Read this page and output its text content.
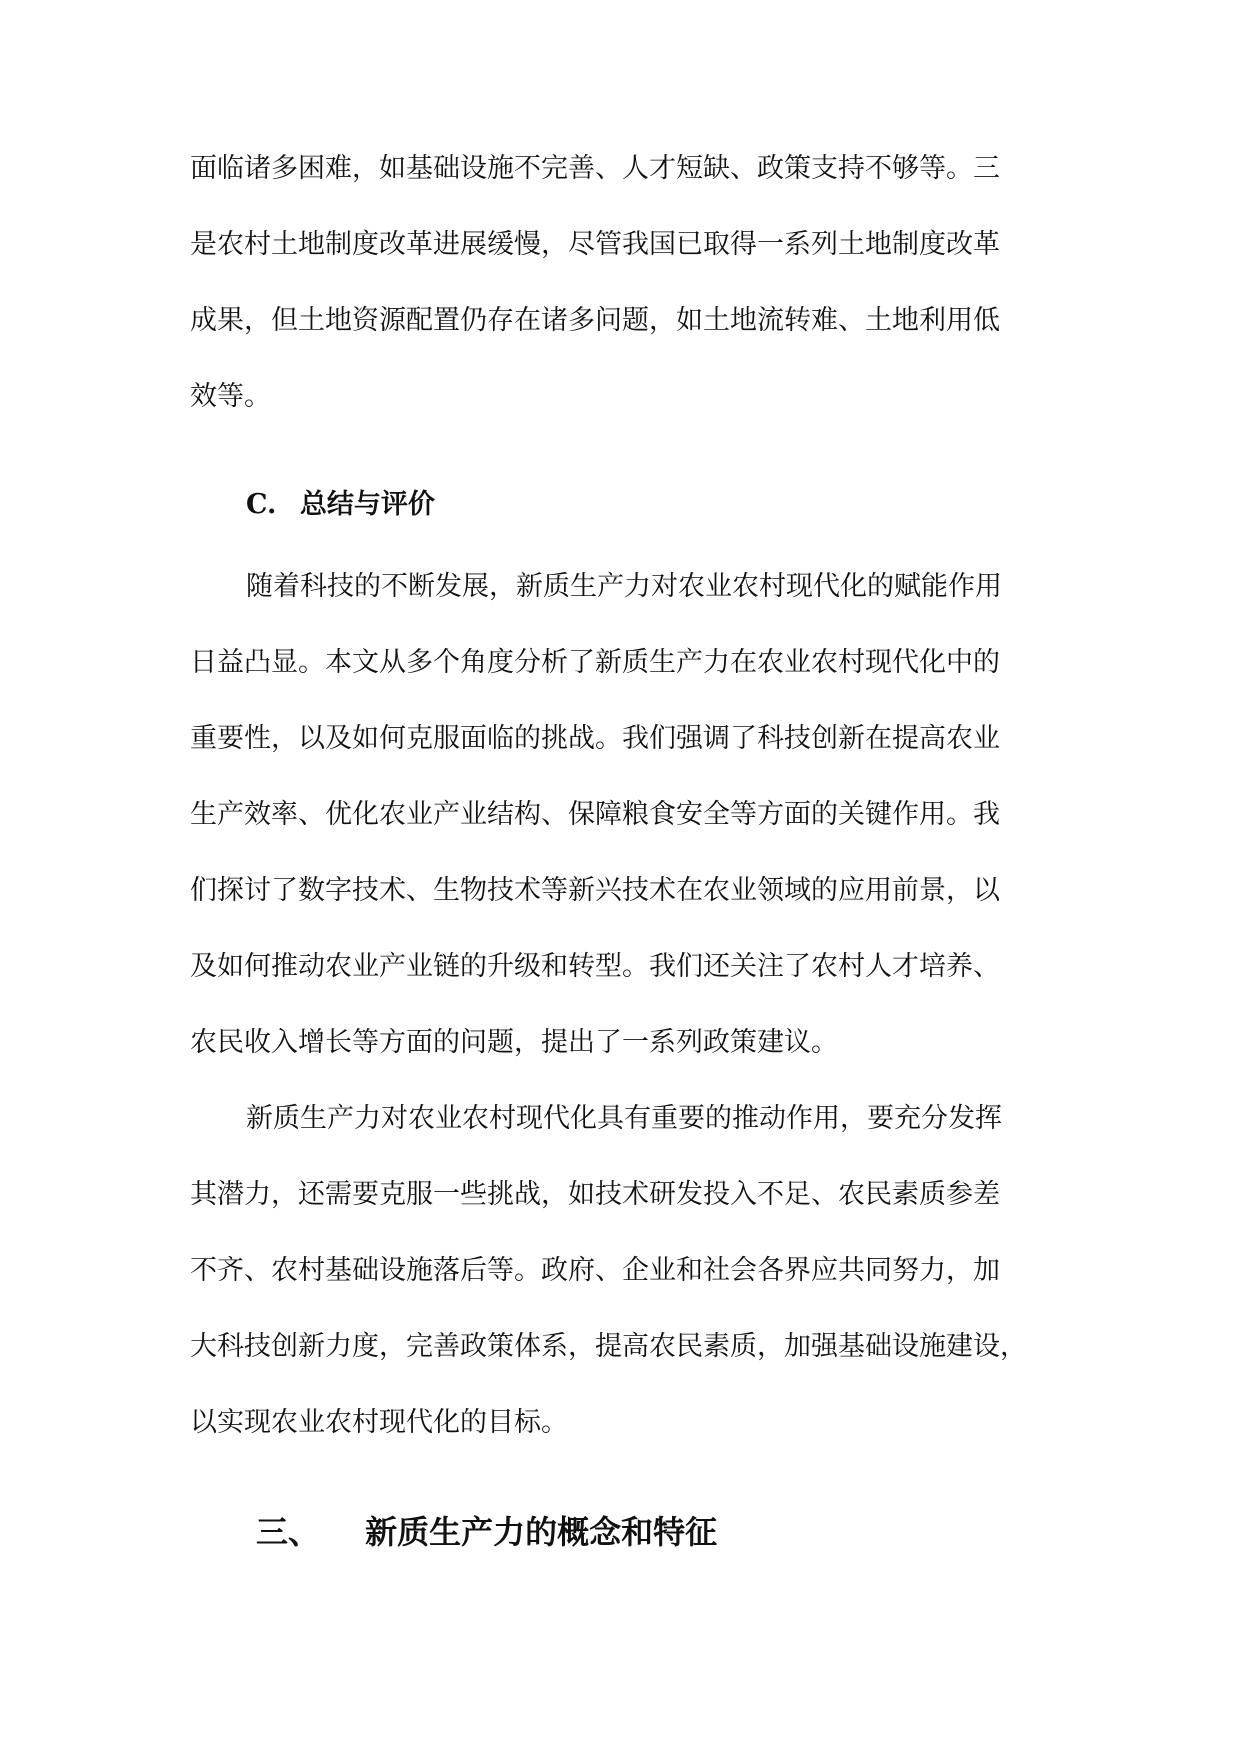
面临诸多困难，如基础设施不完善、人才短缺、政策支持不够等。三
是农村土地制度改革进展缓慢，尽管我国已取得一系列土地制度改革
成果，但土地资源配置仍存在诸多问题，如土地流转难、土地利用低
效等。
C. 总结与评价
随着科技的不断发展，新质生产力对农业农村现代化的赋能作用
日益凸显。本文从多个角度分析了新质生产力在农业农村现代化中的
重要性，以及如何克服面临的挑战。我们强调了科技创新在提高农业
生产效率、优化农业产业结构、保障粮食安全等方面的关键作用。我
们探讨了数字技术、生物技术等新兴技术在农业领域的应用前景，以
及如何推动农业产业链的升级和转型。我们还关注了农村人才培养、
农民收入增长等方面的问题，提出了一系列政策建议。
新质生产力对农业农村现代化具有重要的推动作用，要充分发挥
其潜力，还需要克服一些挑战，如技术研发投入不足、农民素质参差
不齐、农村基础设施落后等。政府、企业和社会各界应共同努力，加
大科技创新力度，完善政策体系，提高农民素质，加强基础设施建设，
以实现农业农村现代化的目标。
三、 新质生产力的概念和特征
